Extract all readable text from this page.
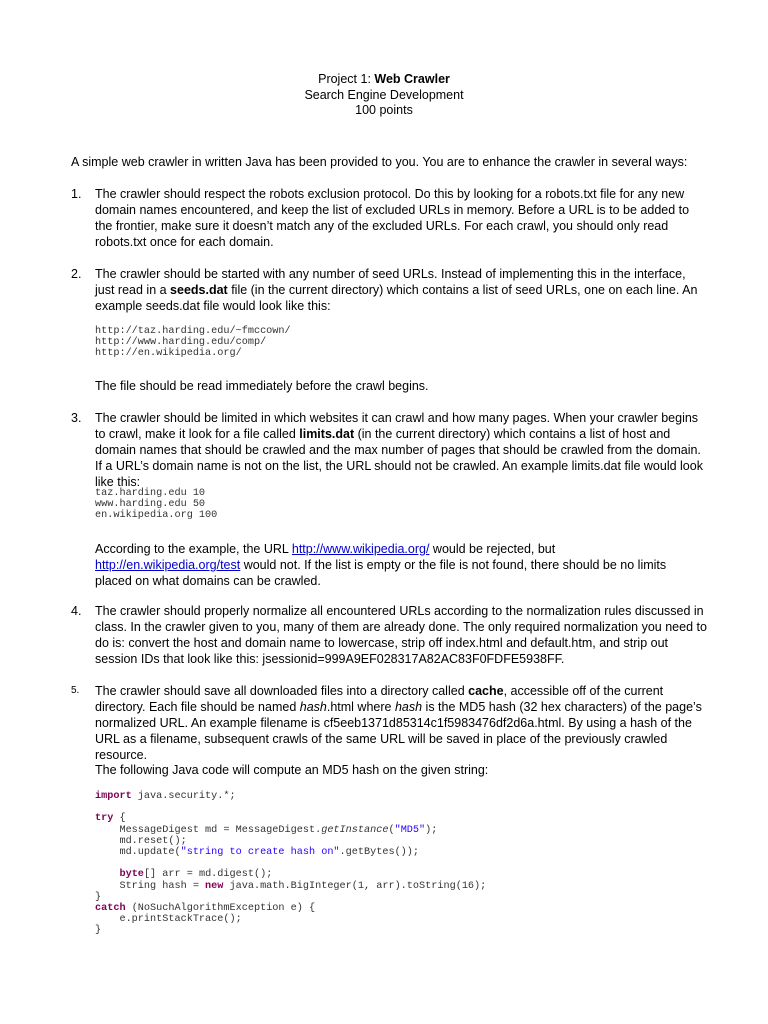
Project 1: Web Crawler
Search Engine Development
100 points

A simple web crawler in written Java has been provided to you. You are to enhance the crawler in several ways:

1. The crawler should respect the robots exclusion protocol. Do this by looking for a robots.txt file for any new domain names encountered, and keep the list of excluded URLs in memory. Before a URL is to be added to the frontier, make sure it doesn’t match any of the excluded URLs. For each crawl, you should only read robots.txt once for each domain.

2. The crawler should be started with any number of seed URLs. Instead of implementing this in the interface, just read in a seeds.dat file (in the current directory) which contains a list of seed URLs, one on each line. An example seeds.dat file would look like this:

http://taz.harding.edu/~fmccown/
http://www.harding.edu/comp/
http://en.wikipedia.org/

The file should be read immediately before the crawl begins.

3. The crawler should be limited in which websites it can crawl and how many pages. When your crawler begins to crawl, make it look for a file called limits.dat (in the current directory) which contains a list of host and domain names that should be crawled and the max number of pages that should be crawled from the domain. If a URL’s domain name is not on the list, the URL should not be crawled. An example limits.dat file would look like this:

taz.harding.edu 10
www.harding.edu 50
en.wikipedia.org 100

According to the example, the URL http://www.wikipedia.org/ would be rejected, but http://en.wikipedia.org/test would not. If the list is empty or the file is not found, there should be no limits placed on what domains can be crawled.

4. The crawler should properly normalize all encountered URLs according to the normalization rules discussed in class. In the crawler given to you, many of them are already done. The only required normalization you need to do is: convert the host and domain name to lowercase, strip off index.html and default.htm, and strip out session IDs that look like this: jsessionid=999A9EF028317A82AC83F0FDFE5938FF.

5. The crawler should save all downloaded files into a directory called cache, accessible off of the current directory. Each file should be named hash.html where hash is the MD5 hash (32 hex characters) of the page’s normalized URL. An example filename is cf5eeb1371d85314c1f5983476df2d6a.html. By using a hash of the URL as a filename, subsequent crawls of the same URL will be saved in place of the previously crawled resource.

The following Java code will compute an MD5 hash on the given string:

import java.security.*;

try {
MessageDigest md = MessageDigest.getInstance("MD5");
md.reset();
md.update("string to create hash on".getBytes());

byte[] arr = md.digest();
String hash = new java.math.BigInteger(1, arr).toString(16);
}
catch (NoSuchAlgorithmException e) {
e.printStackTrace();
}
